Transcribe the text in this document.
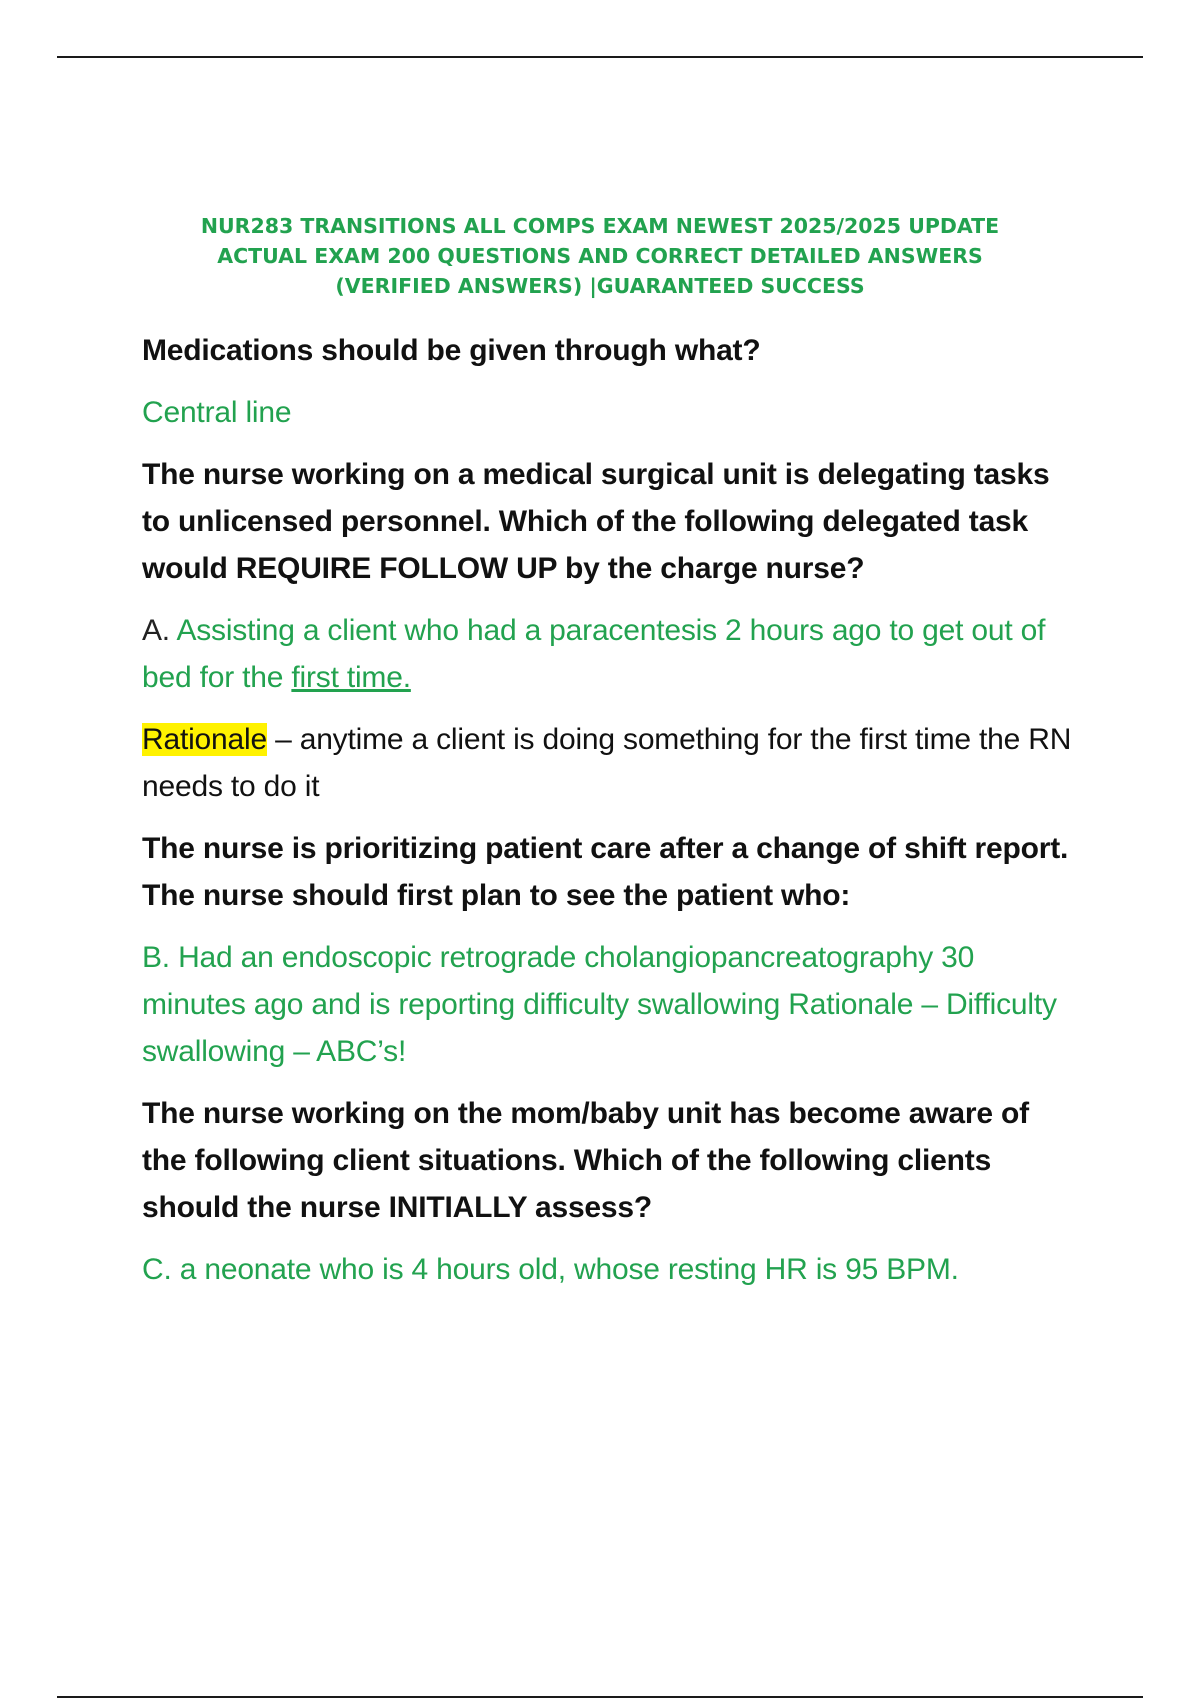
NUR283 TRANSITIONS ALL COMPS EXAM NEWEST 2025/2025 UPDATE
ACTUAL EXAM 200 QUESTIONS AND CORRECT DETAILED ANSWERS
(VERIFIED ANSWERS) |GUARANTEED SUCCESS
Medications should be given through what?
Central line
The nurse working on a medical surgical unit is delegating tasks to unlicensed personnel. Which of the following delegated task would REQUIRE FOLLOW UP by the charge nurse?
A. Assisting a client who had a paracentesis 2 hours ago to get out of bed for the first time.
Rationale – anytime a client is doing something for the first time the RN needs to do it
The nurse is prioritizing patient care after a change of shift report. The nurse should first plan to see the patient who:
B. Had an endoscopic retrograde cholangiopancreatography 30 minutes ago and is reporting difficulty swallowing Rationale – Difficulty swallowing – ABC’s!
The nurse working on the mom/baby unit has become aware of the following client situations. Which of the following clients should the nurse INITIALLY assess?
C. a neonate who is 4 hours old, whose resting HR is 95 BPM.
